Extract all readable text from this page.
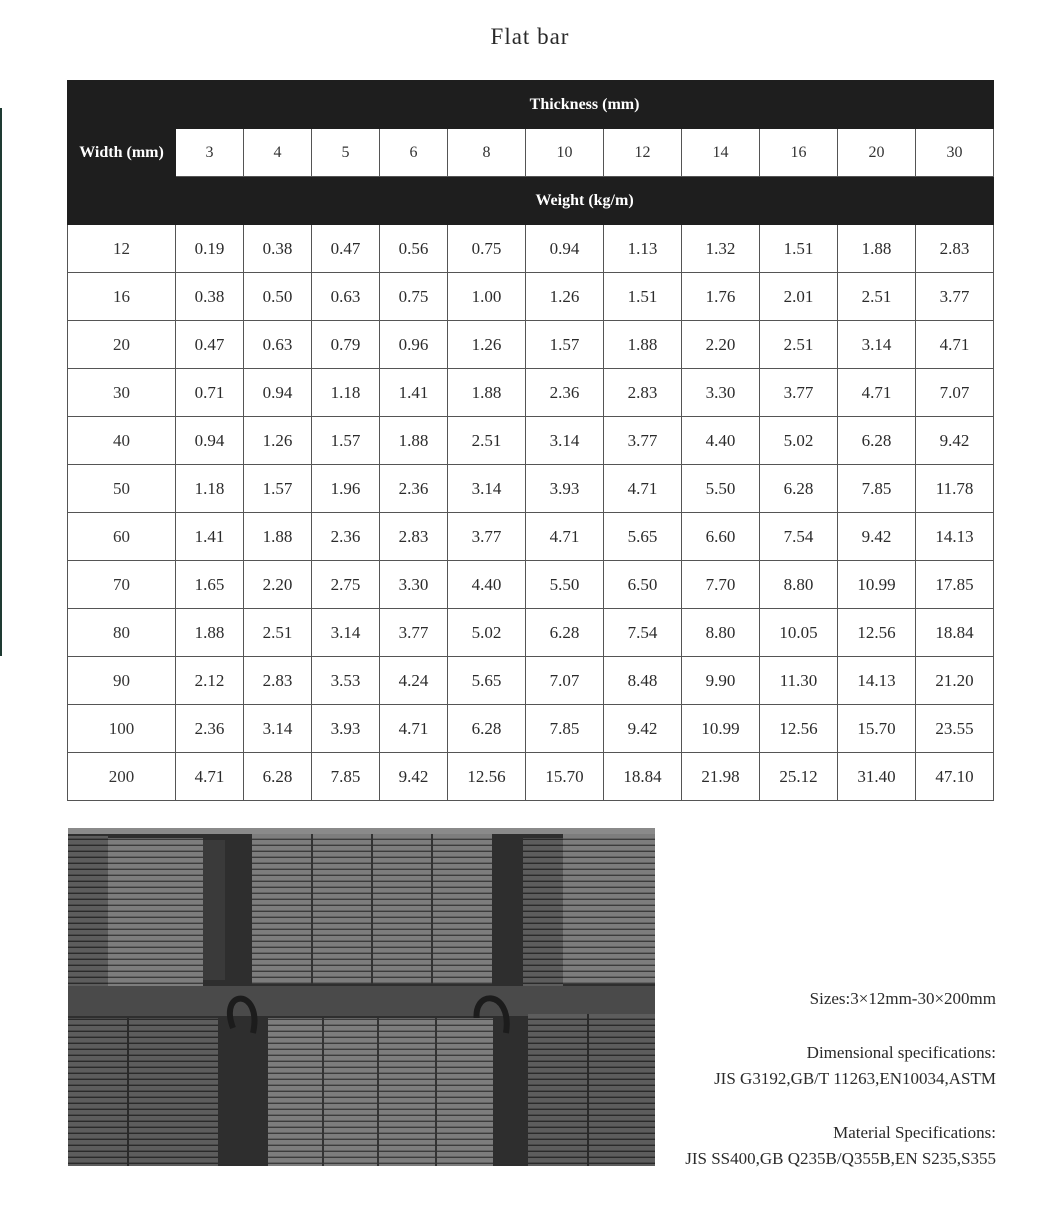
Flat bar
Width (mm)	Thickness (mm)										
	3	4	5	6	8	10	12	14	16	20	30
	Weight (kg/m)										
12	0.19	0.38	0.47	0.56	0.75	0.94	1.13	1.32	1.51	1.88	2.83
16	0.38	0.50	0.63	0.75	1.00	1.26	1.51	1.76	2.01	2.51	3.77
20	0.47	0.63	0.79	0.96	1.26	1.57	1.88	2.20	2.51	3.14	4.71
30	0.71	0.94	1.18	1.41	1.88	2.36	2.83	3.30	3.77	4.71	7.07
40	0.94	1.26	1.57	1.88	2.51	3.14	3.77	4.40	5.02	6.28	9.42
50	1.18	1.57	1.96	2.36	3.14	3.93	4.71	5.50	6.28	7.85	11.78
60	1.41	1.88	2.36	2.83	3.77	4.71	5.65	6.60	7.54	9.42	14.13
70	1.65	2.20	2.75	3.30	4.40	5.50	6.50	7.70	8.80	10.99	17.85
80	1.88	2.51	3.14	3.77	5.02	6.28	7.54	8.80	10.05	12.56	18.84
90	2.12	2.83	3.53	4.24	5.65	7.07	8.48	9.90	11.30	14.13	21.20
100	2.36	3.14	3.93	4.71	6.28	7.85	9.42	10.99	12.56	15.70	23.55
200	4.71	6.28	7.85	9.42	12.56	15.70	18.84	21.98	25.12	31.40	47.10
Sizes:3×12mm-30×200mm
Dimensional specifications:
JIS G3192,GB/T 11263,EN10034,ASTM
Material Specifications:
JIS SS400,GB Q235B/Q355B,EN S235,S355
